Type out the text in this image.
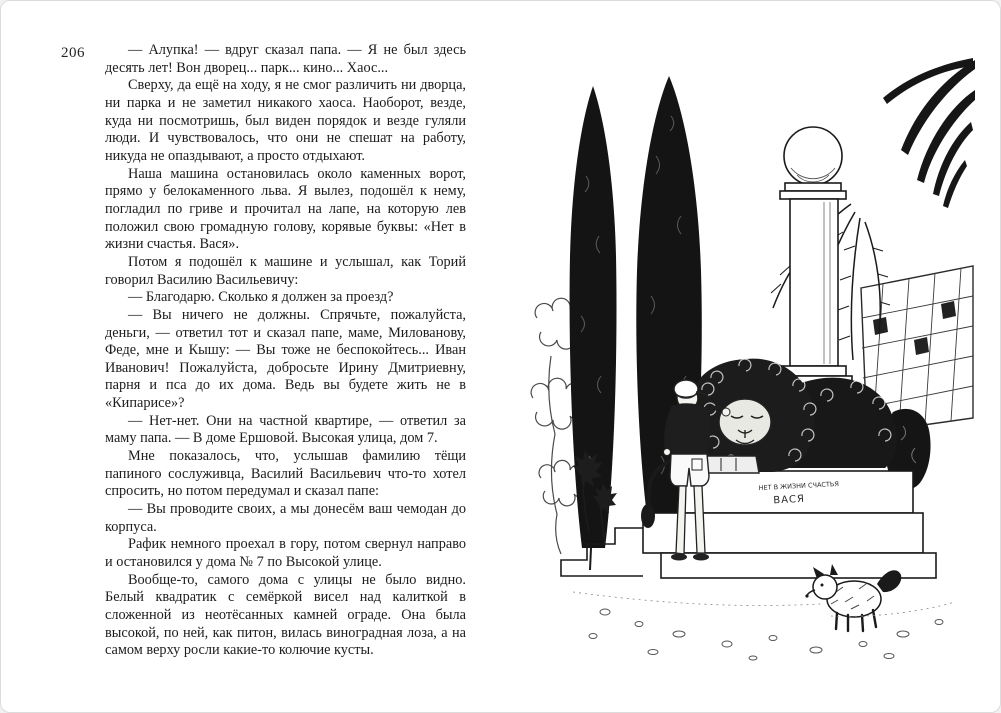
206	— Алупка! — вдруг сказал папа. — Я не был здесь десять лет! Вон дворец... парк... кино... Хаос...

Сверху, да ещё на ходу, я не смог различить ни дворца, ни парка и не заметил никакого хаоса. Наоборот, везде, куда ни посмотришь, был виден порядок и везде гуляли люди. И чувствовалось, что они не спешат на работу, никуда не опаздывают, а просто отдыхают.

Наша машина остановилась около каменных ворот, прямо у белокаменного льва. Я вылез, подошёл к нему, погладил по гриве и прочитал на лапе, на которую лев положил свою громадную голову, корявые буквы: «Нет в жизни счастья. Вася».

Потом я подошёл к машине и услышал, как Торий говорил Василию Васильевичу:

— Благодарю. Сколько я должен за проезд?

— Вы ничего не должны. Спрячьте, пожалуйста, деньги, — ответил тот и сказал папе, маме, Милованову, Феде, мне и Кышу: — Вы тоже не беспокойтесь... Иван Иванович! Пожалуйста, добросьте Ирину Дмитриевну, парня и пса до их дома. Ведь вы будете жить не в «Кипарисе»?

— Нет-нет. Они на частной квартире, — ответил за маму папа. — В доме Ершовой. Высокая улица, дом 7.

Мне показалось, что, услышав фамилию тёщи папиного сослуживца, Василий Васильевич что-то хотел спросить, но потом передумал и сказал папе:

— Вы проводите своих, а мы донесём ваш чемодан до корпуса.

Рафик немного проехал в гору, потом свернул направо и остановился у дома № 7 по Высокой улице.

Вообще-то, самого дома с улицы не было видно. Белый квадратик с семёркой висел над калиткой в сложенной из неотёсанных камней ограде. Она была высокой, по ней, как питон, вилась виноградная лоза, а на самом верху росли какие-то колючие кусты.

НЕТ В ЖИЗНИ СЧАСТЬЯ
ВАСЯ
